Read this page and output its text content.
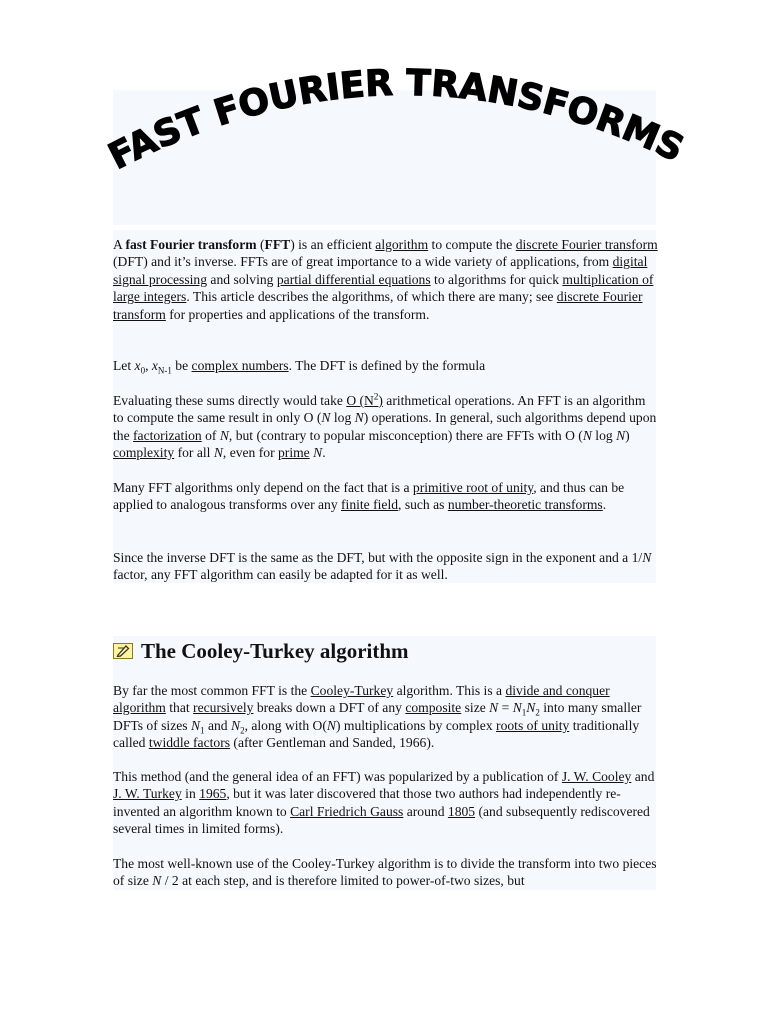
FAST FOURIER TRANSFORMS

A fast Fourier transform (FFT) is an efficient algorithm to compute the discrete Fourier transform (DFT) and it’s inverse. FFTs are of great importance to a wide variety of applications, from digital signal processing and solving partial differential equations to algorithms for quick multiplication of large integers. This article describes the algorithms, of which there are many; see discrete Fourier transform for properties and applications of the transform.

Let $x_0$, $x_{N-1}$ be complex numbers. The DFT is defined by the formula

Evaluating these sums directly would take O $(N^2)$ arithmetical operations. An FFT is an algorithm to compute the same result in only O (N log N) operations. In general, such algorithms depend upon the factorization of N, but (contrary to popular misconception) there are FFTs with O (N log N) complexity for all N, even for prime N.

Many FFT algorithms only depend on the fact that is a primitive root of unity, and thus can be applied to analogous transforms over any finite field, such as number-theoretic transforms.

Since the inverse DFT is the same as the DFT, but with the opposite sign in the exponent and a 1/N factor, any FFT algorithm can easily be adapted for it as well.

The Cooley-Turkey algorithm

By far the most common FFT is the Cooley-Turkey algorithm. This is a divide and conquer algorithm that recursively breaks down a DFT of any composite size $N = N_1N_2$ into many smaller DFTs of sizes $N_1$ and $N_2$, along with O(N) multiplications by complex roots of unity traditionally called twiddle factors (after Gentleman and Sanded, 1966).

This method (and the general idea of an FFT) was popularized by a publication of J. W. Cooley and J. W. Turkey in 1965, but it was later discovered that those two authors had independently re-invented an algorithm known to Carl Friedrich Gauss around 1805 (and subsequently rediscovered several times in limited forms).

The most well-known use of the Cooley-Turkey algorithm is to divide the transform into two pieces of size N / 2 at each step, and is therefore limited to power-of-two sizes, but
